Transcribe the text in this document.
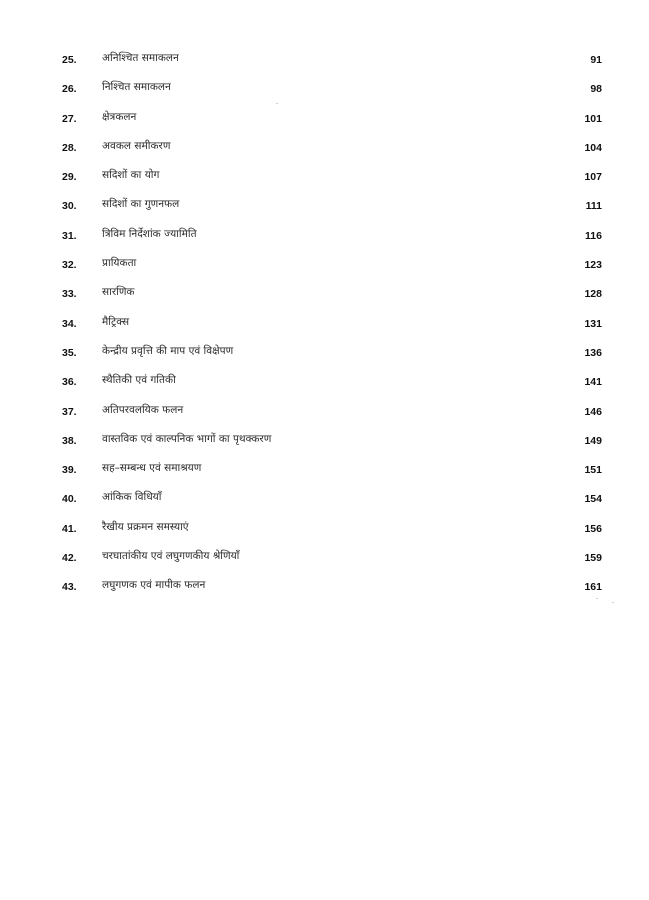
25. अनिश्चित समाकलन	91
26. निश्चित समाकलन	98
27. क्षेत्रकलन	101
28. अवकल समीकरण	104
29. सदिशों का योग	107
30. सदिशों का गुणनफल	111
31. त्रिविम निर्देशांक ज्यामिति	116
32. प्रायिकता	123
33. सारणिक	128
34. मैट्रिक्स	131
35. केन्द्रीय प्रवृत्ति की माप एवं विक्षेपण	136
36. स्थैतिकी एवं गतिकी	141
37. अतिपरवलयिक फलन	146
38. वास्तविक एवं काल्पनिक भागों का पृथक्करण	149
39. सह–सम्बन्ध एवं समाश्रयण	151
40. आंकिक विधियाँ	154
41. रैखीय प्रक्रमन समस्याएं	156
42. चरघातांकीय एवं लघुगणकीय श्रेणियाँ	159
43. लघुगणक एवं मापीक फलन	161
